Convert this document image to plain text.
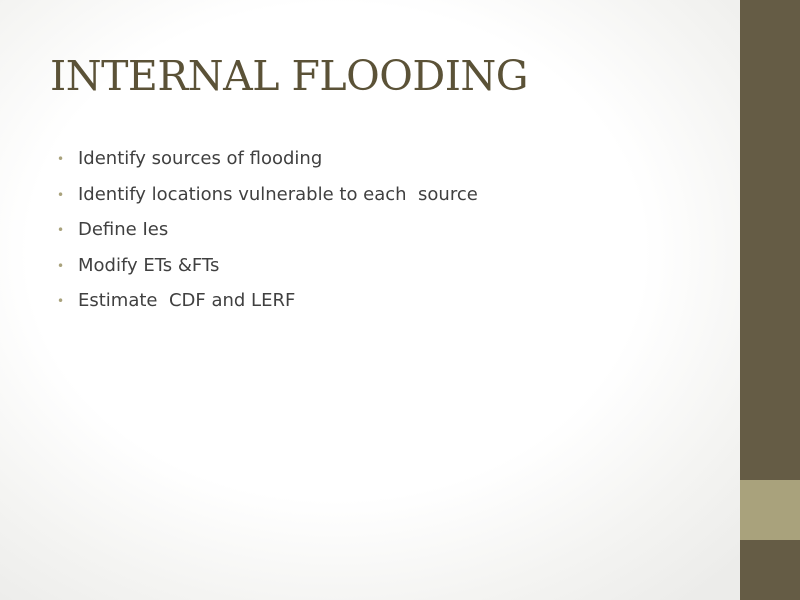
INTERNAL FLOODING

•

Identify sources of flooding

•

Identify locations vulnerable to each  source

•

Define Ies

•

Modify ETs &FTs

•

Estimate  CDF and LERF
